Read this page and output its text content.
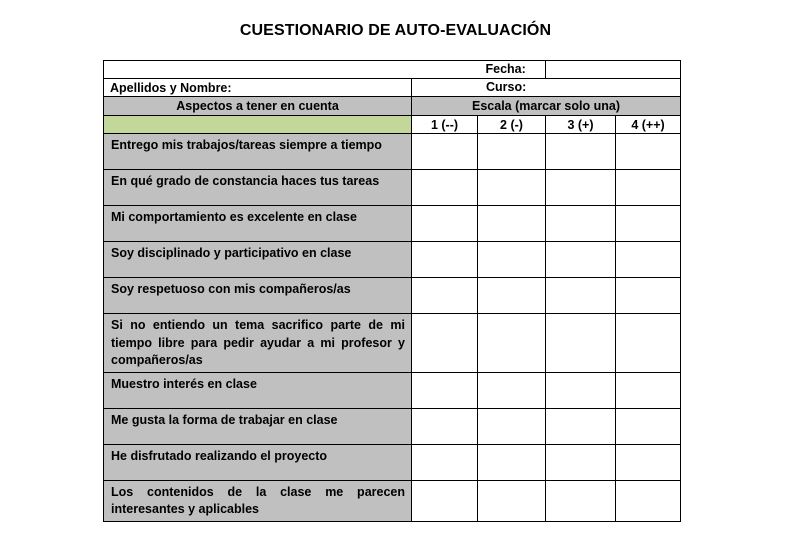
CUESTIONARIO DE AUTO-EVALUACIÓN

	Fecha:			

Apellidos y Nombre:	Curso:			

Aspectos a tener en cuenta	Escala (marcar solo una)			
	1 (--)	2 (-)	3 (+)	4 (++)
Entrego mis trabajos/tareas siempre a tiempo				
En qué grado de constancia haces tus tareas				
Mi comportamiento es excelente en clase				
Soy disciplinado y participativo en clase				
Soy respetuoso con mis compañeros/as				
Si no entiendo un tema sacrifico parte de mi tiempo libre para pedir ayudar a mi profesor y compañeros/as				
Muestro interés en clase				
Me gusta la forma de trabajar en clase				
He disfrutado realizando el proyecto				
Los contenidos de la clase me parecen interesantes y aplicables				
